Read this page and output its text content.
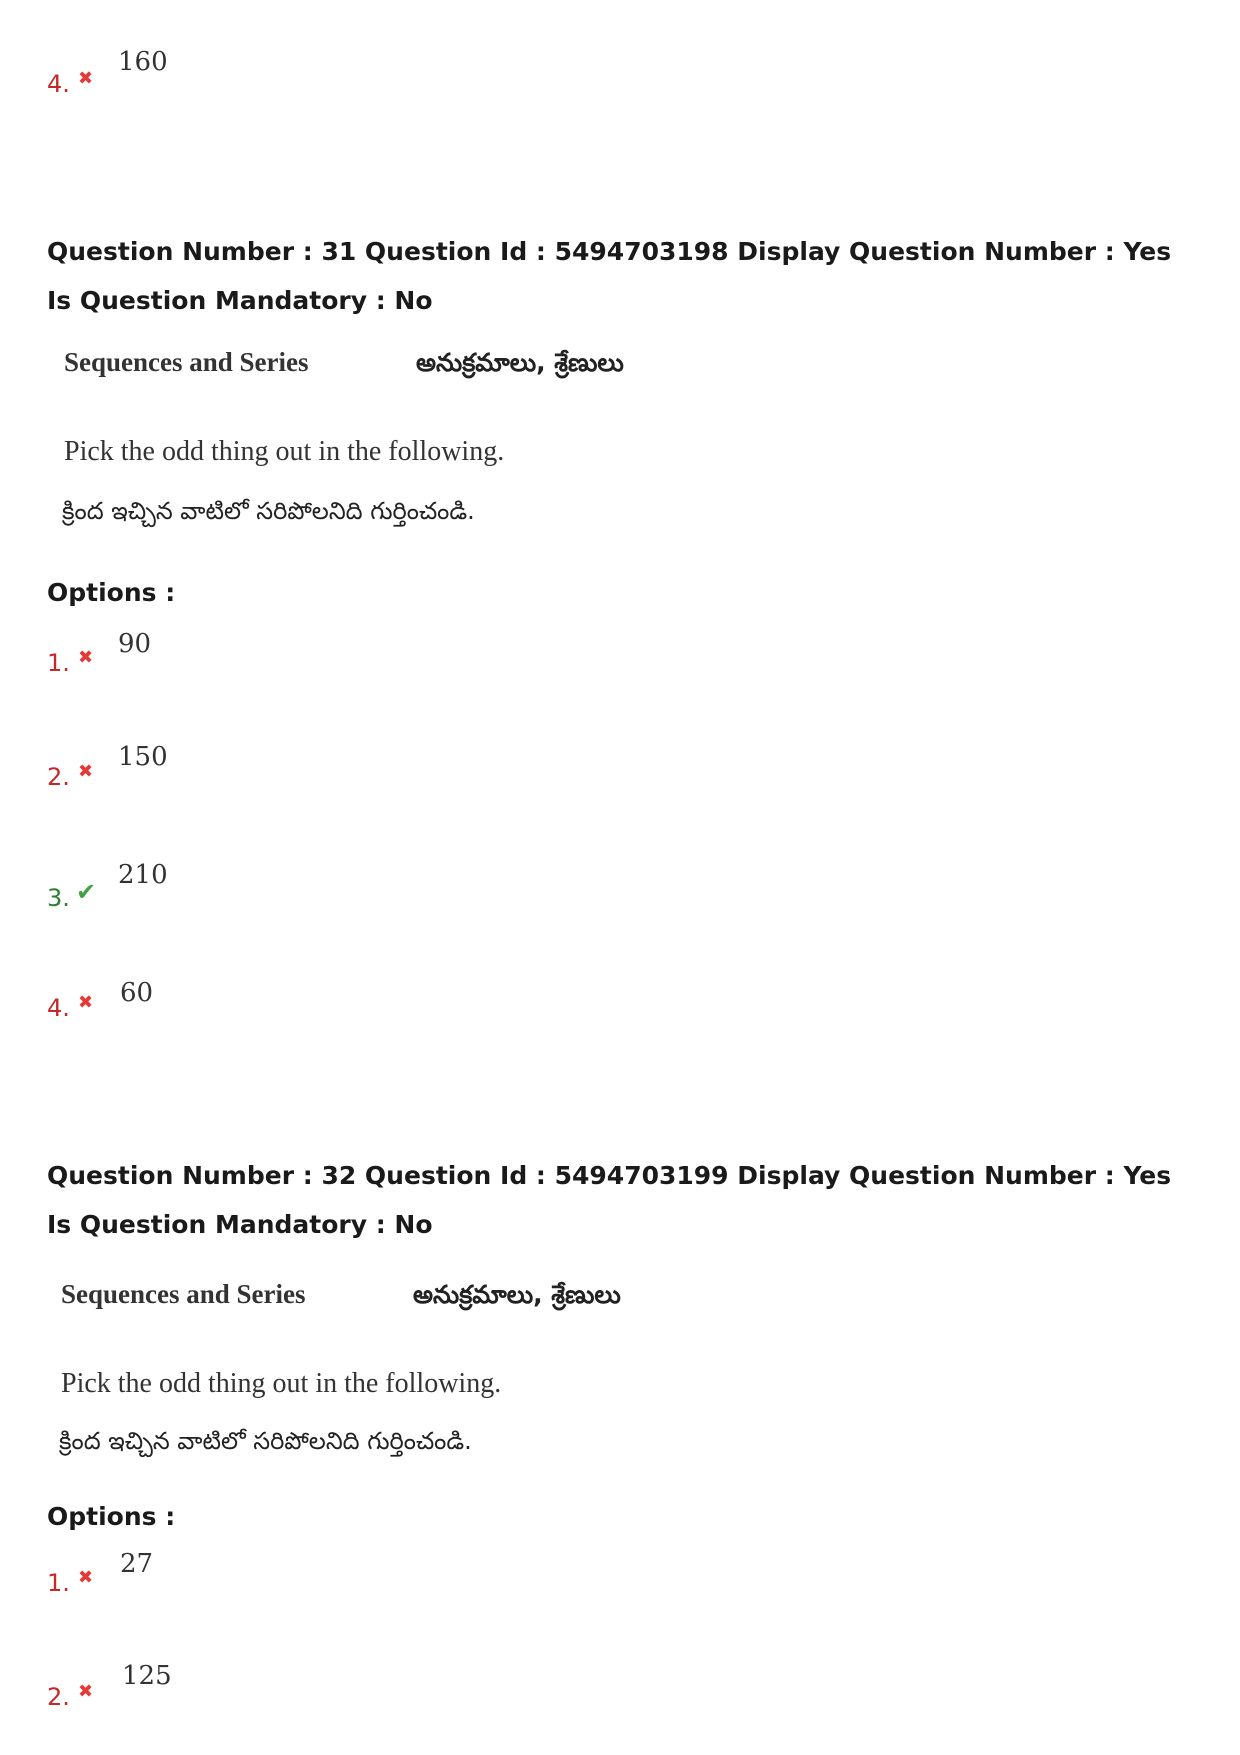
4. ✖
160
Question Number : 31 Question Id : 5494703198 Display Question Number : Yes Is Question Mandatory : No
Sequences and Series	అనుక్రమాలు, శ్రేణులు
Pick the odd thing out in the following.
క్రింద ఇచ్చిన వాటిలో సరిపోలనిది గుర్తించండి.
Options :
1. ✖ 90
2. ✖ 150
3. ✔
210
4. ✖ 60
Question Number : 32 Question Id : 5494703199 Display Question Number : Yes Is Question Mandatory : No
Sequences and Series	అనుక్రమాలు, శ్రేణులు
Pick the odd thing out in the following.
క్రింద ఇచ్చిన వాటిలో సరిపోలనిది గుర్తించండి.
Options :
1. ✖ 27
2. ✖
125
